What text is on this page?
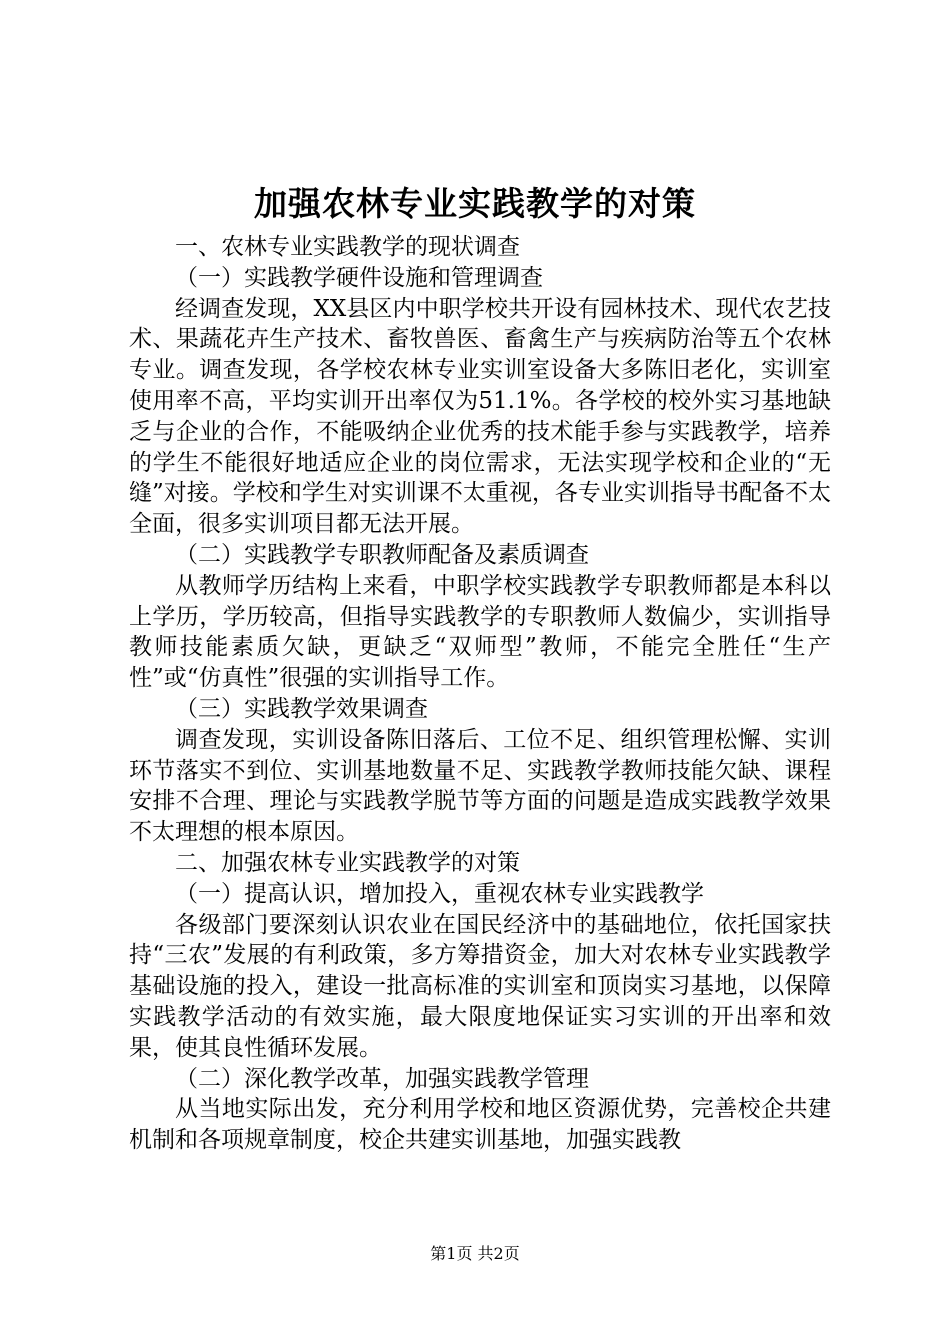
加强农林专业实践教学的对策

一、农林专业实践教学的现状调查

（一）实践教学硬件设施和管理调查

经调查发现，XX县区内中职学校共开设有园林技术、现代农艺技术、果蔬花卉生产技术、畜牧兽医、畜禽生产与疾病防治等五个农林专业。调查发现，各学校农林专业实训室设备大多陈旧老化，实训室使用率不高，平均实训开出率仅为51.1%。各学校的校外实习基地缺乏与企业的合作，不能吸纳企业优秀的技术能手参与实践教学，培养的学生不能很好地适应企业的岗位需求，无法实现学校和企业的“无缝”对接。学校和学生对实训课不太重视，各专业实训指导书配备不太全面，很多实训项目都无法开展。

（二）实践教学专职教师配备及素质调查

从教师学历结构上来看，中职学校实践教学专职教师都是本科以上学历，学历较高，但指导实践教学的专职教师人数偏少，实训指导教师技能素质欠缺，更缺乏“双师型”教师，不能完全胜任“生产性”或“仿真性”很强的实训指导工作。

（三）实践教学效果调查

调查发现，实训设备陈旧落后、工位不足、组织管理松懈、实训环节落实不到位、实训基地数量不足、实践教学教师技能欠缺、课程安排不合理、理论与实践教学脱节等方面的问题是造成实践教学效果不太理想的根本原因。

二、加强农林专业实践教学的对策

（一）提高认识，增加投入，重视农林专业实践教学

各级部门要深刻认识农业在国民经济中的基础地位，依托国家扶持“三农”发展的有利政策，多方筹措资金，加大对农林专业实践教学基础设施的投入，建设一批高标准的实训室和顶岗实习基地，以保障实践教学活动的有效实施，最大限度地保证实习实训的开出率和效果，使其良性循环发展。

（二）深化教学改革，加强实践教学管理

从当地实际出发，充分利用学校和地区资源优势，完善校企共建机制和各项规章制度，校企共建实训基地，加强实践教

第1页 共2页
